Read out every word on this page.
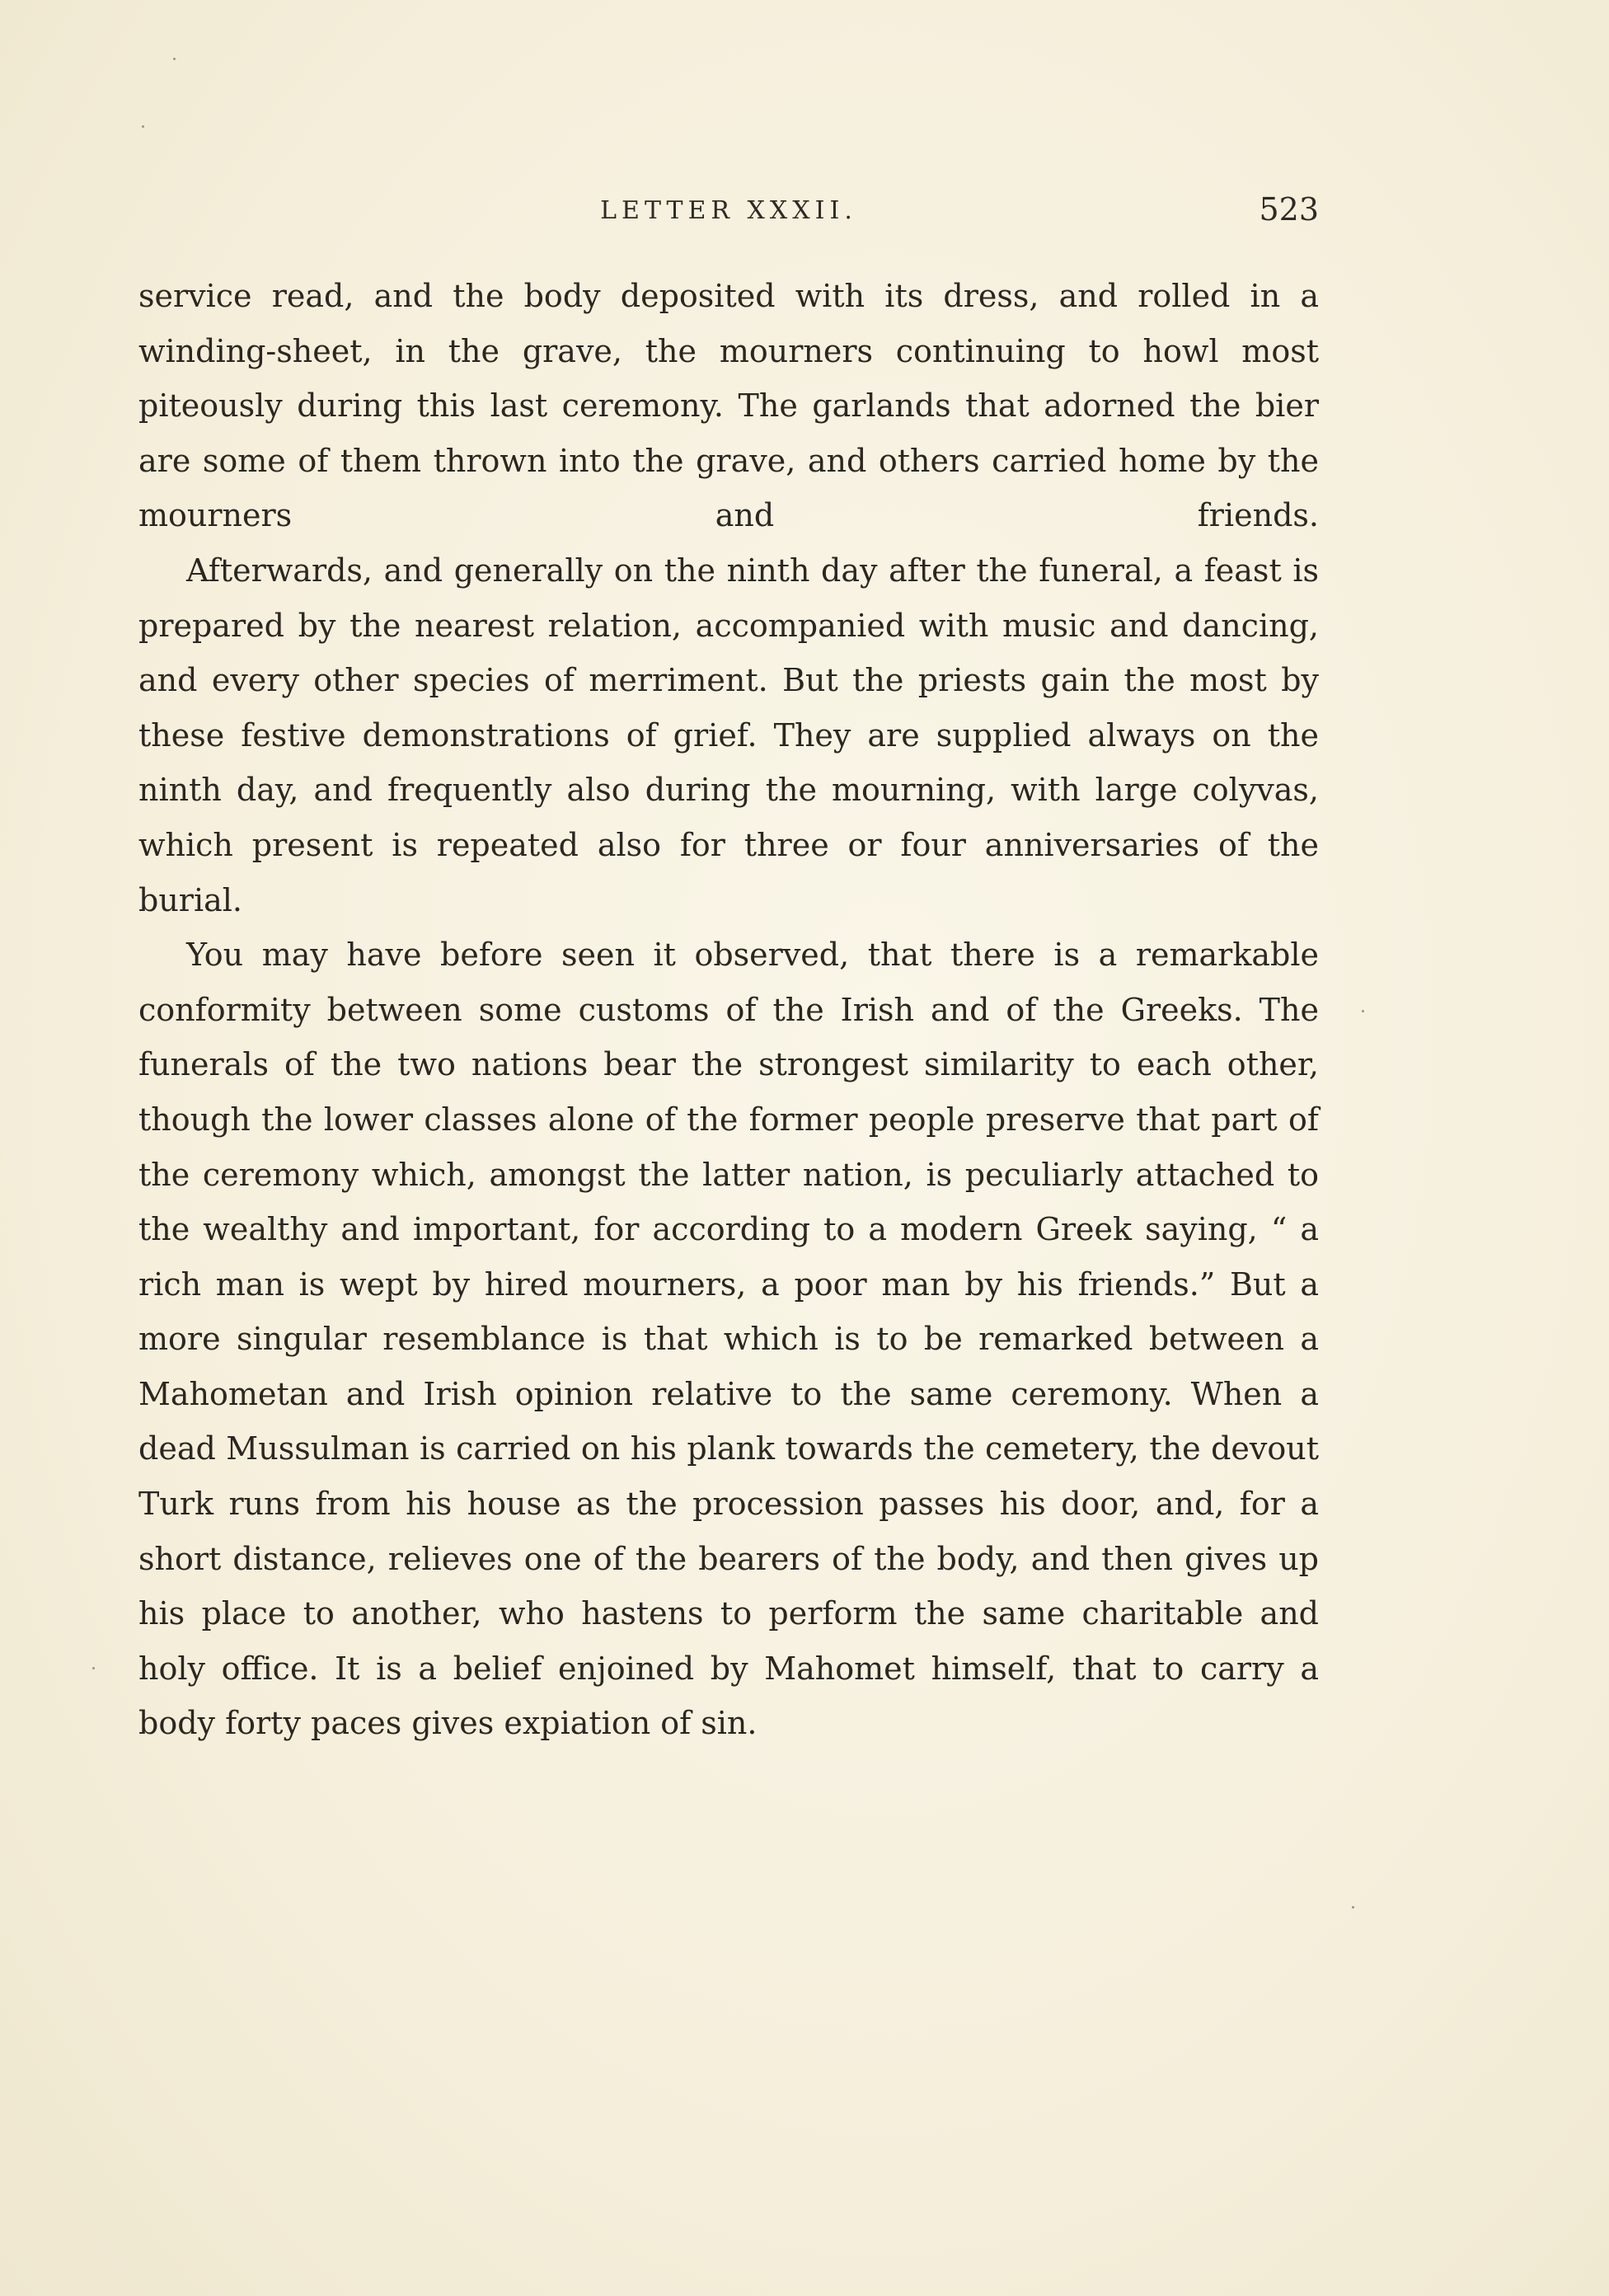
LETTER XXXII.	523

service read, and the body deposited with its dress, and rolled in a winding-sheet, in the grave, the mourners continuing to howl most piteously during this last ceremony. The garlands that adorned the bier are some of them thrown into the grave, and others carried home by the mourners and friends.

Afterwards, and generally on the ninth day after the funeral, a feast is prepared by the nearest relation, accompanied with music and dancing, and every other species of merriment. But the priests gain the most by these festive demonstrations of grief. They are supplied always on the ninth day, and frequently also during the mourning, with large colyvas, which present is repeated also for three or four anniversaries of the burial.

You may have before seen it observed, that there is a remarkable conformity between some customs of the Irish and of the Greeks. The funerals of the two nations bear the strongest similarity to each other, though the lower classes alone of the former people preserve that part of the ceremony which, amongst the latter nation, is peculiarly attached to the wealthy and important, for according to a modern Greek saying, “ a rich man is wept by hired mourners, a poor man by his friends.” But a more singular resemblance is that which is to be remarked between a Mahometan and Irish opinion relative to the same ceremony. When a dead Mussulman is carried on his plank towards the cemetery, the devout Turk runs from his house as the procession passes his door, and, for a short distance, relieves one of the bearers of the body, and then gives up his place to another, who hastens to perform the same charitable and holy office. It is a belief enjoined by Mahomet himself, that to carry a body forty paces gives expiation of sin.
